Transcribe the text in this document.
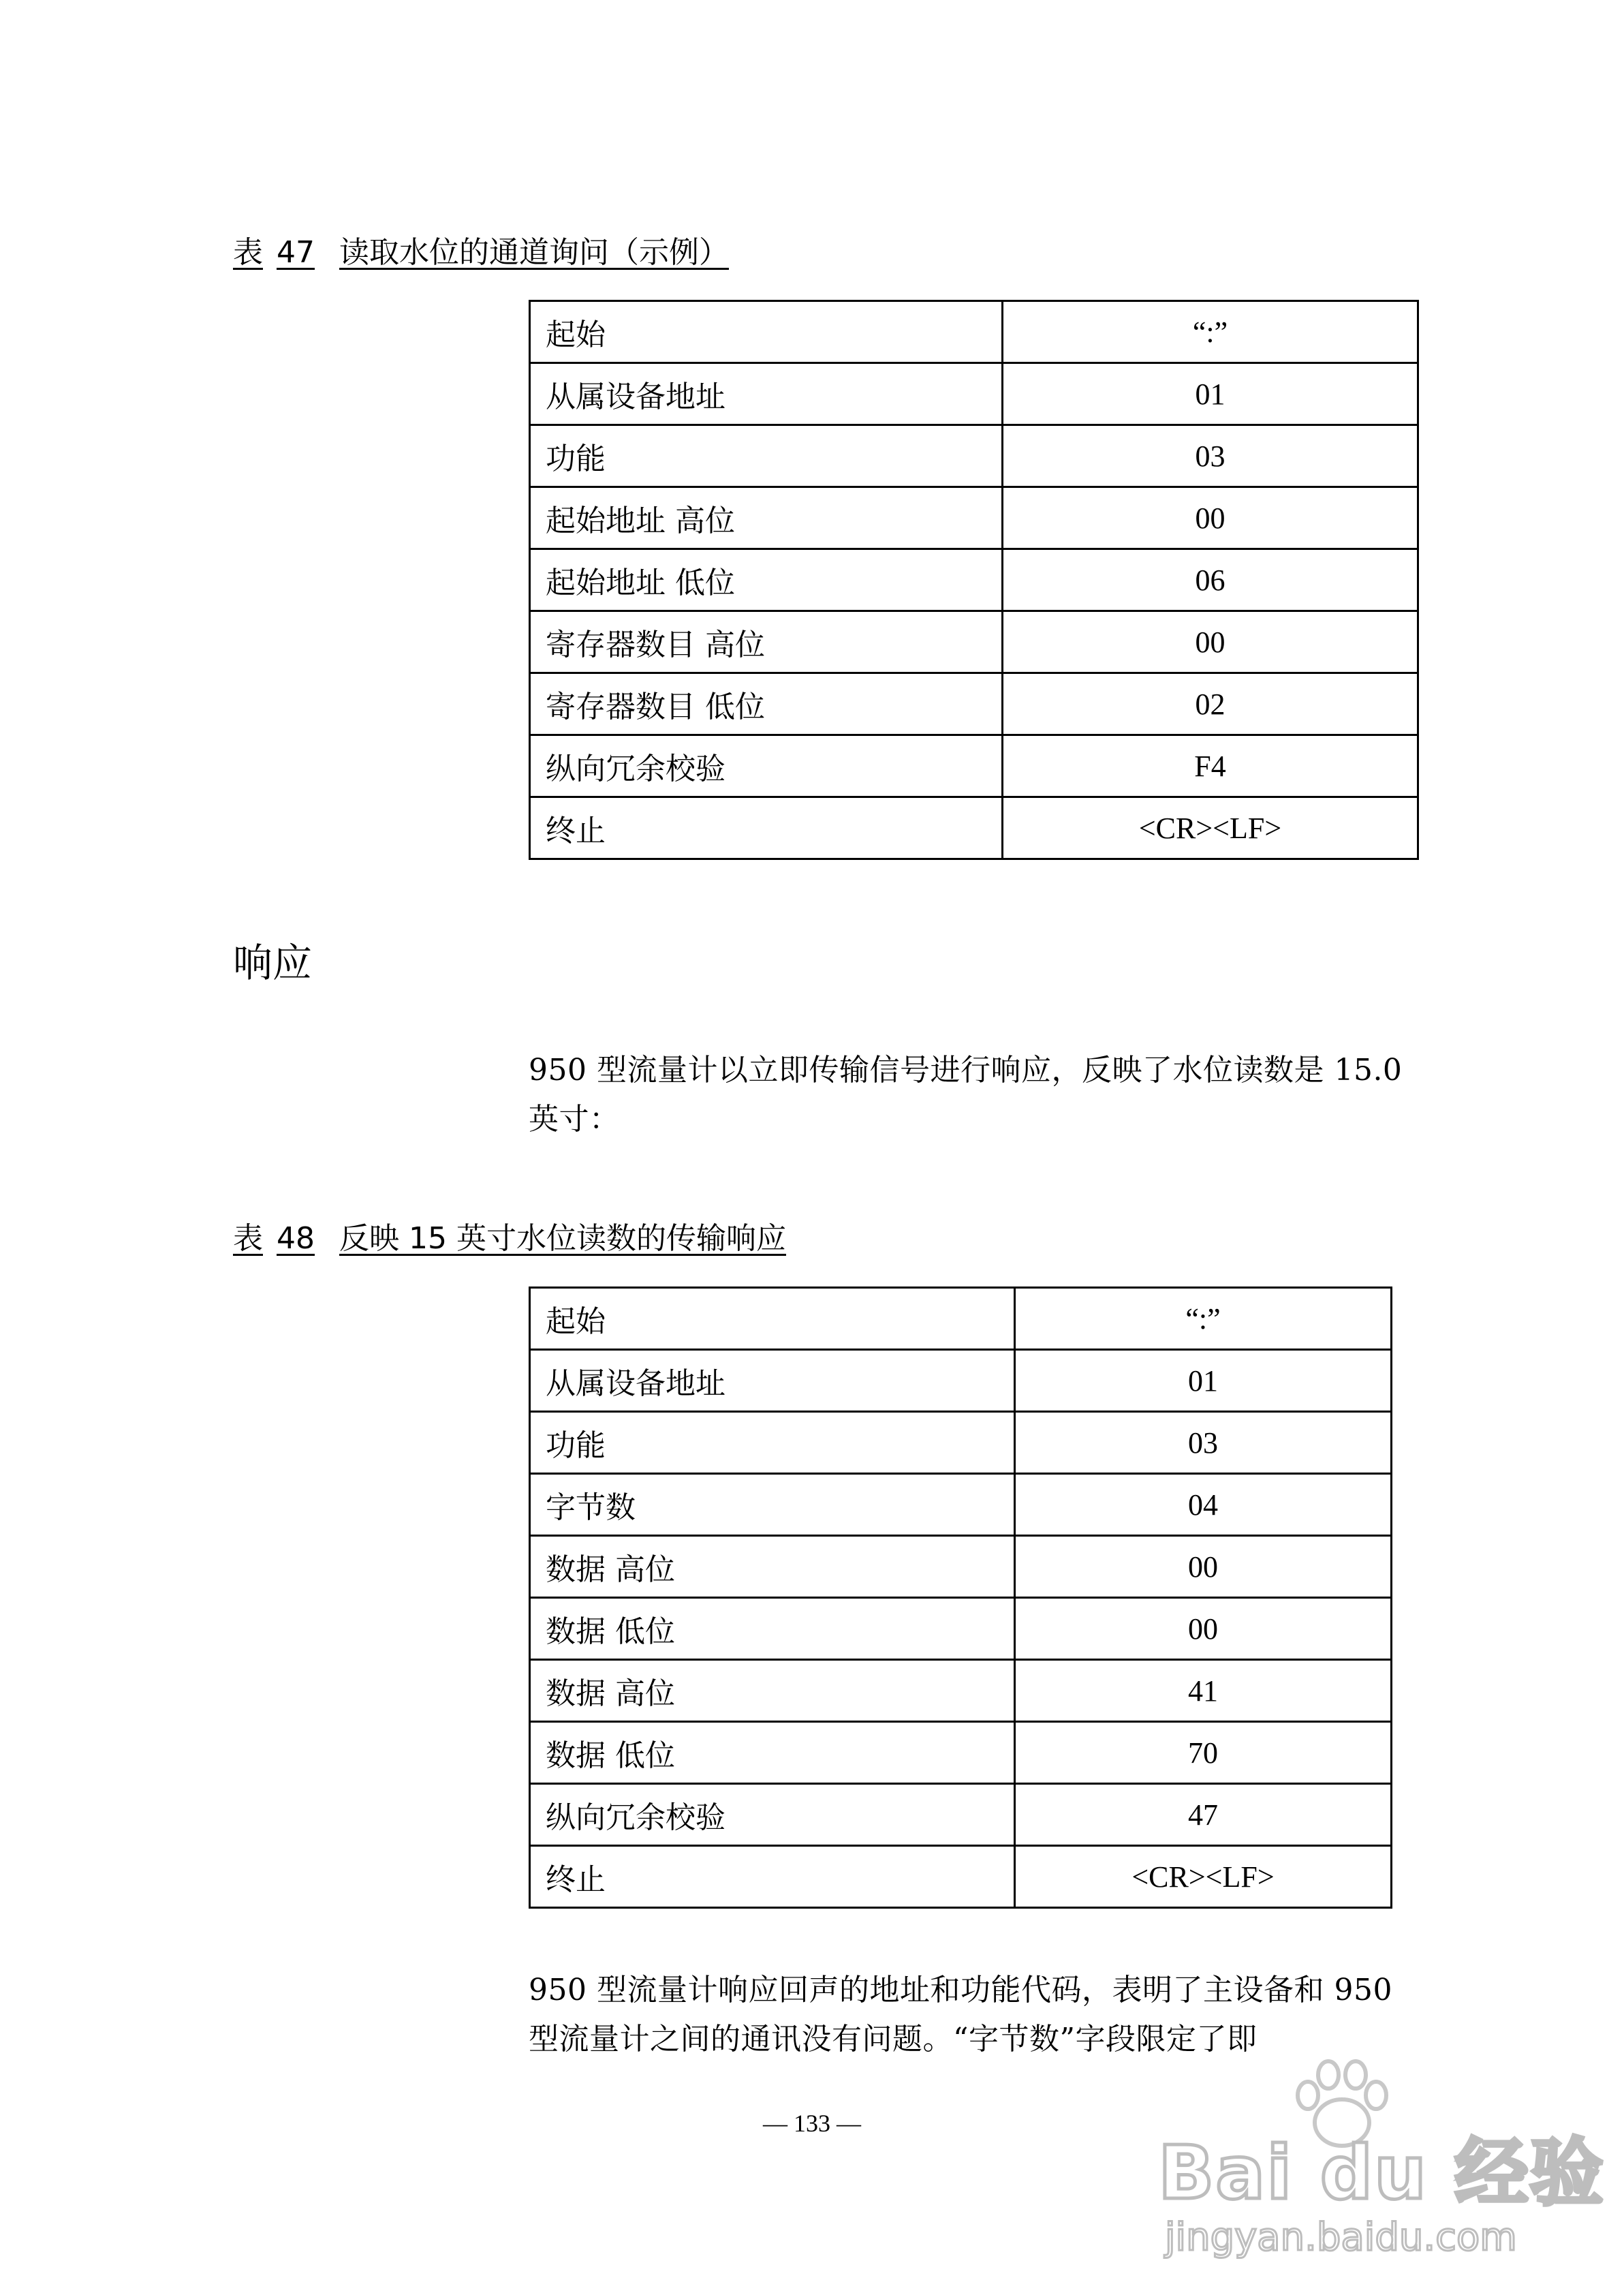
表 47 读取水位的通道询问（示例）
起始	“:”
从属设备地址	01
功能	03
起始地址 高位	00
起始地址 低位	06
寄存器数目 高位	00
寄存器数目 低位	02
纵向冗余校验	F4
终止	<CR><LF>
响应

950 型流量计以立即传输信号进行响应，反映了水位读数是 15.0 英寸：

表 48 反映 15 英寸水位读数的传输响应
起始	“:”
从属设备地址	01
功能	03
字节数	04
数据 高位	00
数据 低位	00
数据 高位	41
数据 低位	70
纵向冗余校验	47
终止	<CR><LF>

950 型流量计响应回声的地址和功能代码，表明了主设备和 950 型流量计之间的通讯没有问题。“字节数”字段限定了即

— 133 —
Bai du 经验
jingyan.baidu.com
